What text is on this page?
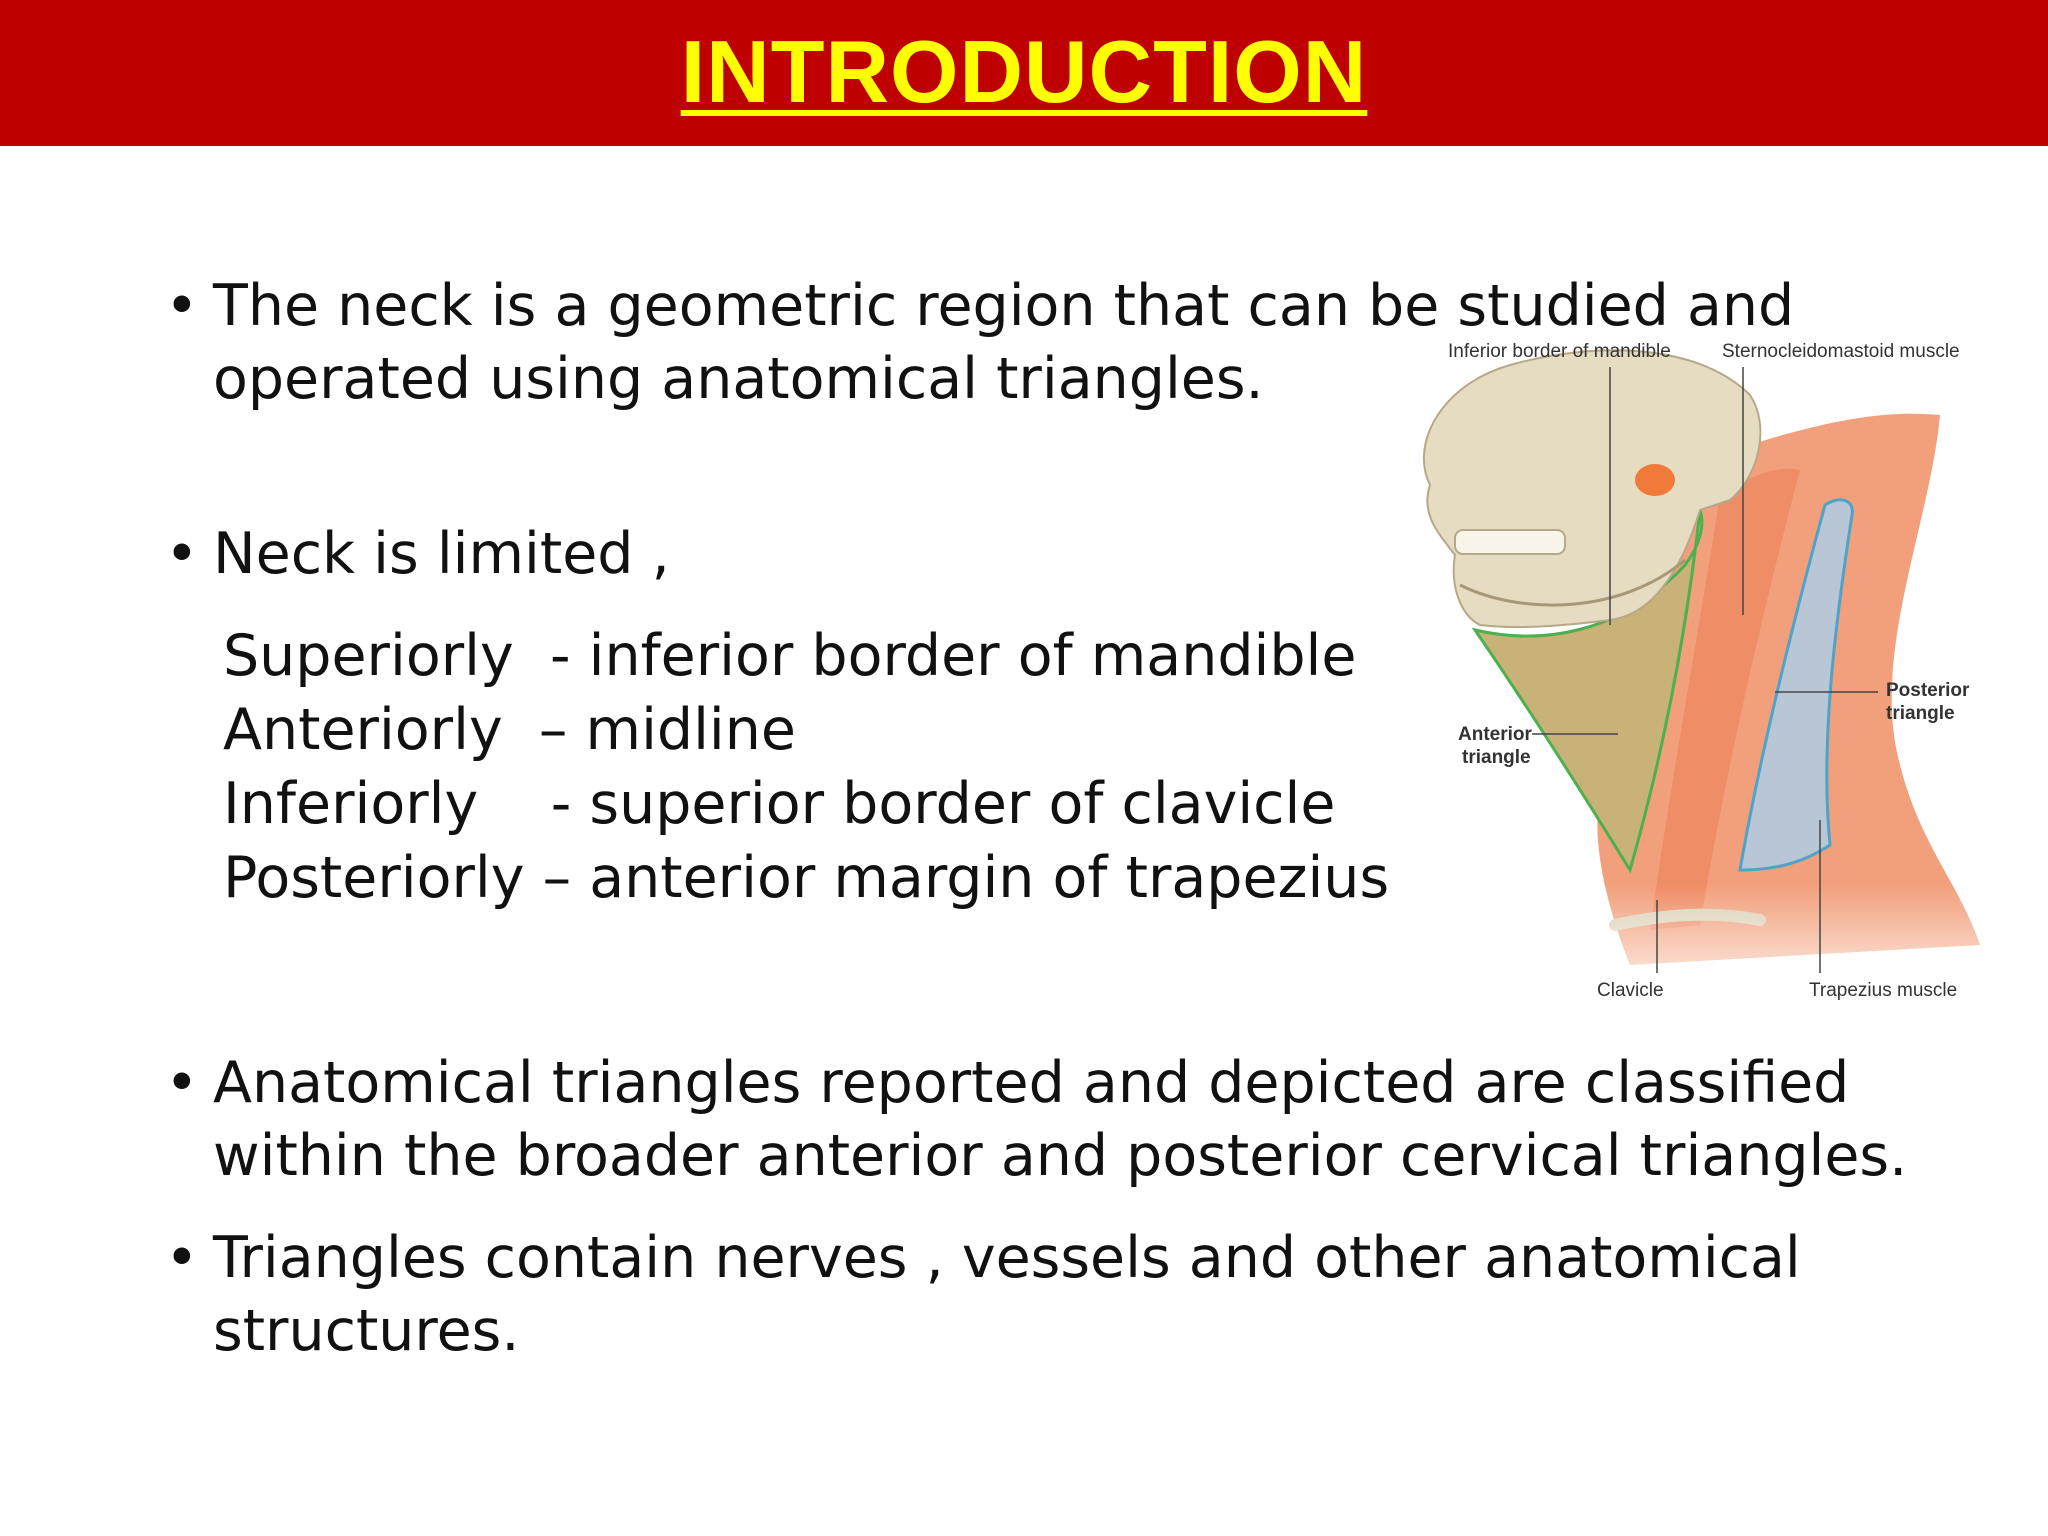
INTRODUCTION
• The neck is a geometric region that can be studied and
operated using anatomical triangles.
• Neck is limited ,
Superiorly  - inferior border of mandible
Anteriorly  – midline
Inferiorly    - superior border of clavicle
Posteriorly – anterior margin of trapezius
• Anatomical triangles reported and depicted are classified
within the broader anterior and posterior cervical triangles.
• Triangles contain nerves , vessels and other anatomical
structures.
Inferior border of mandible	Sternocleidomastoid muscle
Posterior
triangle
Anterior
triangle
Clavicle	Trapezius muscle
